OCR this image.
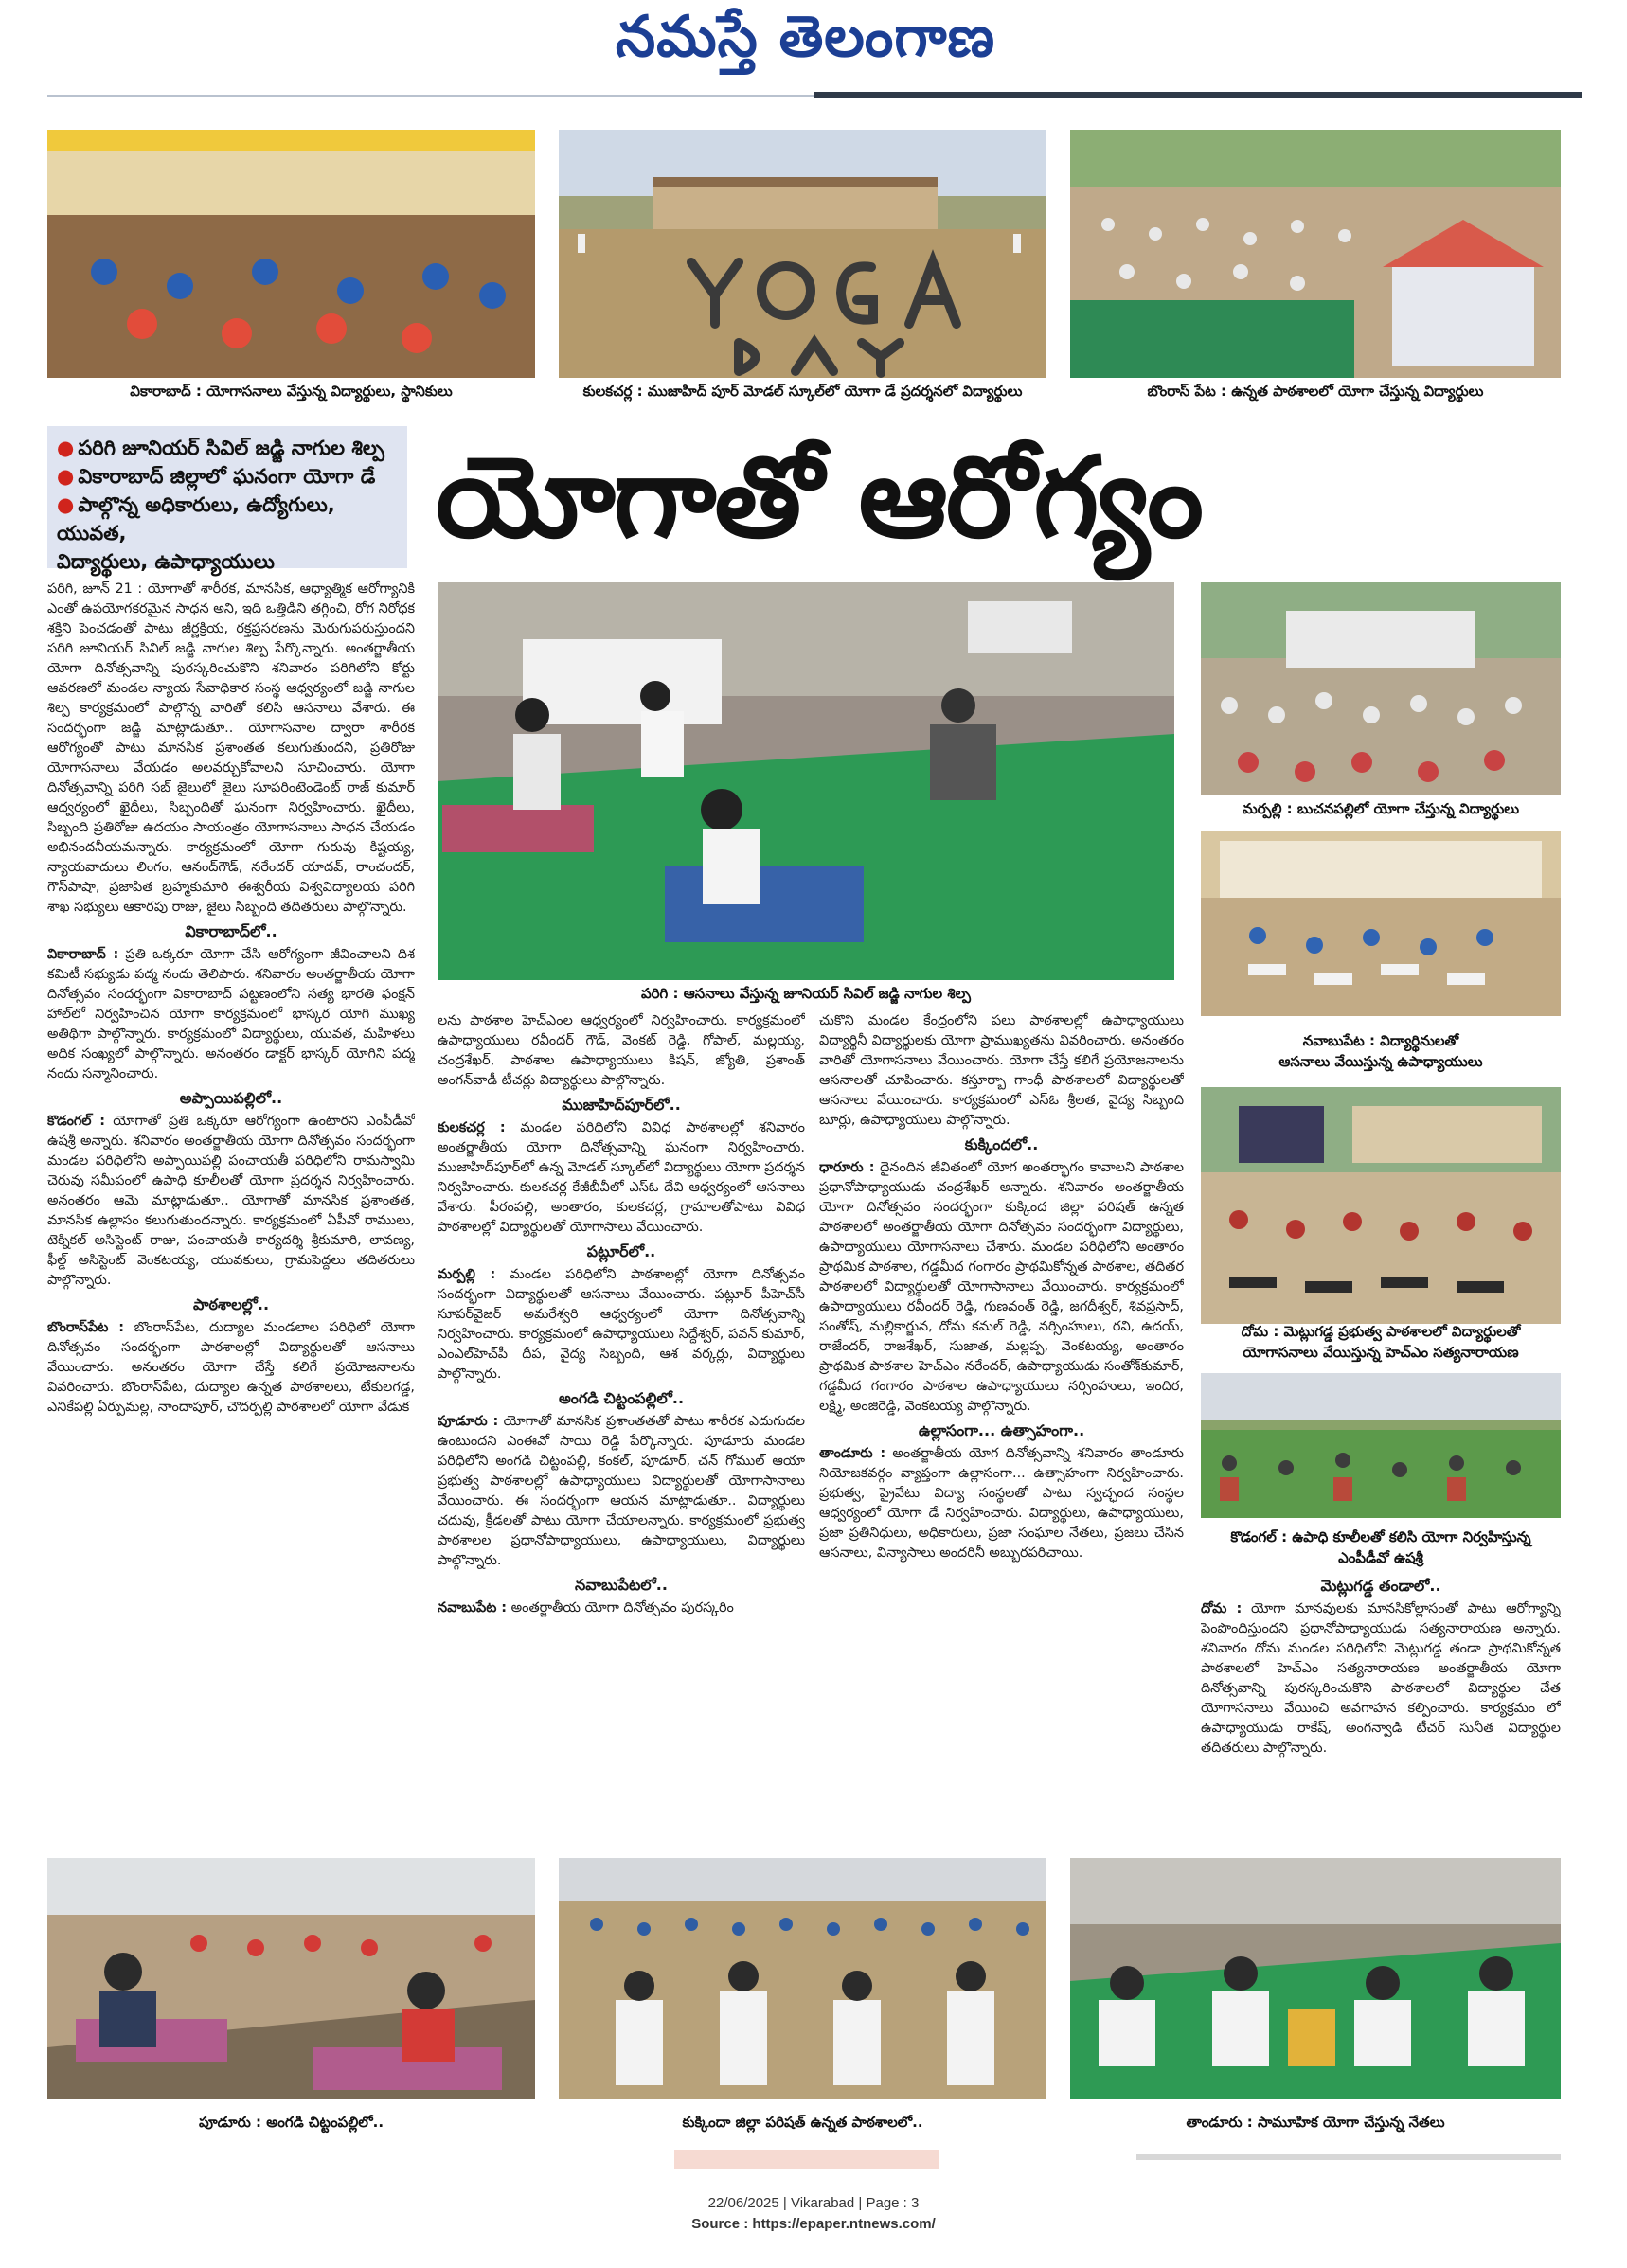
నమస్తే తెలంగాణ
వికారాబాద్ : యోగాసనాలు వేస్తున్న విద్యార్థులు, స్థానికులు	కులకచర్ల : ముజాహిద్ పూర్ మోడల్ స్కూల్‌లో యోగా డే ప్రదర్శనలో విద్యార్థులు	బొంరాస్ పేట : ఉన్నత పాఠశాలలో యోగా చేస్తున్న విద్యార్థులు
● పరిగి జూనియర్ సివిల్ జడ్జి నాగుల శిల్ప
● వికారాబాద్ జిల్లాలో ఘనంగా యోగా డే
● పాల్గొన్న అధికారులు, ఉద్యోగులు, యువత,
విద్యార్థులు, ఉపాధ్యాయులు	యోగాతో ఆరోగ్యం
పరిగి : ఆసనాలు వేస్తున్న జూనియర్ సివిల్ జడ్జి నాగుల శిల్ప
మర్పల్లి : బుచనపల్లిలో యోగా చేస్తున్న విద్యార్థులు
నవాబుపేట : విద్యార్థినులతో
ఆసనాలు వేయిస్తున్న ఉపాధ్యాయులు
దోమ : మెట్లుగడ్డ ప్రభుత్వ పాఠశాలలో విద్యార్థులతో
యోగాసనాలు వేయిస్తున్న హెచ్ఎం సత్యనారాయణ
కొడంగల్ : ఉపాధి కూలీలతో కలిసి యోగా నిర్వహిస్తున్న
ఎంపీడీవో ఉషశ్రీ

పరిగి, జూన్ 21 : యోగాతో శారీరక, మానసిక, ఆధ్యాత్మిక ఆరోగ్యానికి ఎంతో ఉపయోగకరమైన సాధన అని, ఇది ఒత్తిడిని తగ్గించి, రోగ నిరోధక శక్తిని పెంచడంతో పాటు జీర్ణక్రియ, రక్తప్రసరణను మెరుగుపరుస్తుందని పరిగి జూనియర్ సివిల్ జడ్జి నాగుల శిల్ప పేర్కొన్నారు. అంతర్జాతీయ యోగా దినోత్సవాన్ని పురస్కరించుకొని శనివారం పరిగిలోని కోర్టు ఆవరణలో మండల న్యాయ సేవాధికార సంస్థ ఆధ్వర్యంలో జడ్జి నాగుల శిల్ప కార్యక్రమంలో పాల్గొన్న వారితో కలిసి ఆసనాలు వేశారు. ఈ సందర్భంగా జడ్జి మాట్లాడుతూ.. యోగాసనాల ద్వారా శారీరక ఆరోగ్యంతో పాటు మానసిక ప్రశాంతత కలుగుతుందని, ప్రతిరోజు యోగాసనాలు వేయడం అలవర్చుకోవాలని సూచించారు. యోగా దినోత్సవాన్ని పరిగి సబ్ జైలులో జైలు సూపరింటెండెంట్ రాజ్ కుమార్ ఆధ్వర్యంలో ఖైదీలు, సిబ్బందితో ఘనంగా నిర్వహించారు. ఖైదీలు, సిబ్బంది ప్రతిరోజు ఉదయం సాయంత్రం యోగాసనాలు సాధన చేయడం అభినందనీయమన్నారు. కార్యక్రమంలో యోగా గురువు కిష్టయ్య, న్యాయవాదులు లింగం, ఆనంద్‌గౌడ్, నరేందర్ యాదవ్, రాంచందర్, గౌస్‌పాషా, ప్రజాపిత బ్రహ్మకుమారి ఈశ్వరీయ విశ్వవిద్యాలయ పరిగి శాఖ సభ్యులు ఆకారపు రాజు, జైలు సిబ్బంది తదితరులు పాల్గొన్నారు.

వికారాబాద్‌లో..

వికారాబాద్ : ప్రతి ఒక్కరూ యోగా చేసి ఆరోగ్యంగా జీవించాలని దిశ కమిటీ సభ్యుడు పద్మ నందు తెలిపారు. శనివారం అంతర్జాతీయ యోగా దినోత్సవం సందర్భంగా వికారాబాద్ పట్టణంలోని సత్య భారతి ఫంక్షన్ హాల్‌లో నిర్వహించిన యోగా కార్యక్రమంలో భాస్కర యోగి ముఖ్య అతిథిగా పాల్గొన్నారు. కార్యక్రమంలో విద్యార్థులు, యువత, మహిళలు అధిక సంఖ్యలో పాల్గొన్నారు. అనంతరం డాక్టర్ భాస్కర్ యోగిని పద్మ నందు సన్మానించారు.

అప్పాయిపల్లిలో..

కొడంగల్ : యోగాతో ప్రతి ఒక్కరూ ఆరోగ్యంగా ఉంటారని ఎంపీడీవో ఉషశ్రీ అన్నారు. శనివారం అంతర్జాతీయ యోగా దినోత్సవం సందర్భంగా మండల పరిధిలోని అప్పాయిపల్లి పంచాయతీ పరిధిలోని రామస్వామి చెరువు సమీపంలో ఉపాధి కూలీలతో యోగా ప్రదర్శన నిర్వహించారు. అనంతరం ఆమె మాట్లాడుతూ.. యోగాతో మానసిక ప్రశాంతత, మానసిక ఉల్లాసం కలుగుతుందన్నారు. కార్యక్రమంలో ఏపీవో రాములు, టెక్నికల్ అసిస్టెంట్ రాజు, పంచాయతీ కార్యదర్శి శ్రీకుమారి, లావణ్య, ఫీల్డ్ అసిస్టెంట్ వెంకటయ్య, యువకులు, గ్రామపెద్దలు తదితరులు పాల్గొన్నారు.

పాఠశాలల్లో..

బొంరాస్‌పేట : బొంరాస్‌పేట, దుద్యాల మండలాల పరిధిలో యోగా దినోత్సవం సందర్భంగా పాఠశాలల్లో విద్యార్థులతో ఆసనాలు వేయించారు. అనంతరం యోగా చేస్తే కలిగే ప్రయోజనాలను వివరించారు. బొంరాస్‌పేట, దుద్యాల ఉన్నత పాఠశాలలు, టేకులగడ్డ, ఎనికేపల్లి ఏర్పుమల్ల, నాందాపూర్, చౌదర్పల్లి పాఠశాలలో యోగా వేడుక

లను పాఠశాల హెచ్ఎంల ఆధ్వర్యంలో నిర్వహించారు. కార్యక్రమంలో ఉపాధ్యాయులు రవీందర్ గౌడ్, వెంకట్ రెడ్డి, గోపాల్, మల్లయ్య, చంద్రశేఖర్, పాఠశాల ఉపాధ్యాయులు కిషన్, జ్యోతి, ప్రశాంత్ అంగన్‌వాడీ టీచర్లు విద్యార్థులు పాల్గొన్నారు.

ముజాహిద్‌పూర్‌లో..

కులకచర్ల : మండల పరిధిలోని వివిధ పాఠశాలల్లో శనివారం అంతర్జాతీయ యోగా దినోత్సవాన్ని ఘనంగా నిర్వహించారు. ముజాహిద్‌పూర్‌లో ఉన్న మోడల్ స్కూల్‌లో విద్యార్థులు యోగా ప్రదర్శన నిర్వహించారు. కులకచర్ల కేజీబీవీలో ఎస్ఓ దేవి ఆధ్వర్యంలో ఆసనాలు వేశారు. పీరంపల్లి, అంతారం, కులకచర్ల, గ్రామాలతోపాటు వివిధ పాఠశాలల్లో విద్యార్థులతో యోగాసాలు వేయించారు.

పట్లూర్‌లో..

మర్పల్లి : మండల పరిధిలోని పాఠశాలల్లో యోగా దినోత్సవం సందర్భంగా విద్యార్థులతో ఆసనాలు వేయించారు. పట్లూర్ పీహెచ్‌సీ సూపర్‌వైజర్ అమరేశ్వరి ఆధ్వర్యంలో యోగా దినోత్సవాన్ని నిర్వహించారు. కార్యక్రమంలో ఉపాధ్యాయులు సిద్దేశ్వర్, పవన్ కుమార్, ఎంఎల్‌హెచ్‌పీ దీప, వైద్య సిబ్బంది, ఆశ వర్కర్లు, విద్యార్థులు పాల్గొన్నారు.

అంగడి చిట్టంపల్లిలో..

పూడూరు : యోగాతో మానసిక ప్రశాంతతతో పాటు శారీరక ఎదుగుదల ఉంటుందని ఎంఈవో సాయి రెడ్డి పేర్కొన్నారు. పూడూరు మండల పరిధిలోని అంగడి చిట్టంపల్లి, కంకల్, పూడూర్, చన్ గోముల్ ఆయా ప్రభుత్వ పాఠశాలల్లో ఉపాధ్యాయులు విద్యార్థులతో యోగాసానాలు వేయించారు. ఈ సందర్భంగా ఆయన మాట్లాడుతూ.. విద్యార్థులు చదువు, క్రీడలతో పాటు యోగా చేయాలన్నారు. కార్యక్రమంలో ప్రభుత్వ పాఠశాలల ప్రధానోపాధ్యాయులు, ఉపాధ్యాయులు, విద్యార్థులు పాల్గొన్నారు.

నవాబుపేటలో..

నవాబుపేట : అంతర్జాతీయ యోగా దినోత్సవం పురస్కరిం

చుకొని మండల కేంద్రంలోని పలు పాఠశాలల్లో ఉపాధ్యాయులు విద్యార్థినీ విద్యార్థులకు యోగా ప్రాముఖ్యతను వివరించారు. అనంతరం వారితో యోగాసనాలు వేయించారు. యోగా చేస్తే కలిగే ప్రయోజనాలను ఆసనాలతో చూపించారు. కస్తూర్బా గాంధీ పాఠశాలలో విద్యార్థులతో ఆసనాలు వేయించారు. కార్యక్రమంలో ఎస్ఓ శ్రీలత, వైద్య సిబ్బంది బూర్లు, ఉపాధ్యాయులు పాల్గొన్నారు.

కుక్కిందలో..

ధారూరు : దైనందిన జీవితంలో యోగ అంతర్భాగం కావాలని పాఠశాల ప్రధానోపాధ్యాయుడు చంద్రశేఖర్ అన్నారు. శనివారం అంతర్జాతీయ యోగా దినోత్సవం సందర్భంగా కుక్కింద జిల్లా పరిషత్ ఉన్నత పాఠశాలలో అంతర్జాతీయ యోగా దినోత్సవం సందర్భంగా విద్యార్థులు, ఉపాధ్యాయులు యోగాసనాలు చేశారు. మండల పరిధిలోని అంతారం ప్రాథమిక పాఠశాల, గడ్డమీద గంగారం ప్రాథమికోన్నత పాఠశాల, తదితర పాఠశాలలో విద్యార్థులతో యోగాసానాలు వేయించారు. కార్యక్రమంలో ఉపాధ్యాయులు రవీందర్ రెడ్డి, గుణవంత్ రెడ్డి, జగదీశ్వర్, శివప్రసాద్, సంతోష్, మల్లికార్జున, దోమ కమల్ రెడ్డి, నర్సింహులు, రవి, ఉదయ్, రాజేందర్, రాజశేఖర్, సుజాత, మల్లప్ప, వెంకటయ్య, అంతారం ప్రాథమిక పాఠశాల హెచ్ఎం నరేందర్, ఉపాధ్యాయుడు సంతోశ్‌కుమార్, గడ్డమీద గంగారం పాఠశాల ఉపాధ్యాయులు నర్సింహులు, ఇందిర, లక్ష్మి, అంజిరెడ్డి, వెంకటయ్య పాల్గొన్నారు.

ఉల్లాసంగా... ఉత్సాహంగా..

తాండూరు : అంతర్జాతీయ యోగ దినోత్సవాన్ని శనివారం తాండూరు నియోజకవర్గం వ్యాప్తంగా ఉల్లాసంగా... ఉత్సాహంగా నిర్వహించారు. ప్రభుత్వ, ప్రైవేటు విద్యా సంస్థలతో పాటు స్వచ్ఛంద సంస్థల ఆధ్వర్యంలో యోగా డే నిర్వహించారు. విద్యార్థులు, ఉపాధ్యాయులు, ప్రజా ప్రతినిధులు, అధికారులు, ప్రజా సంఘాల నేతలు, ప్రజలు చేసిన ఆసనాలు, విన్యాసాలు అందరినీ అబ్బురపరిచాయి.

మెట్లుగడ్డ తండాలో..

దోమ : యోగా మానవులకు మానసికోల్లాసంతో పాటు ఆరోగ్యాన్ని పెంపొందిస్తుందని ప్రధానోపాధ్యాయుడు సత్యనారాయణ అన్నారు. శనివారం దోమ మండల పరిధిలోని మెట్లుగడ్డ తండా ప్రాథమికోన్నత పాఠశాలలో హెచ్ఎం సత్యనారాయణ అంతర్జాతీయ యోగా దినోత్సవాన్ని పురస్కరించుకొని పాఠశాలలో విద్యార్థుల చేత యోగాసనాలు వేయించి అవగాహన కల్పించారు. కార్యక్రమం లో ఉపాధ్యాయుడు రాకేష్, అంగన్వాడి టీచర్ సునీత విద్యార్థుల తదితరులు పాల్గొన్నారు.

పూడూరు : అంగడి చిట్టంపల్లిలో..	కుక్కిందా జిల్లా పరిషత్ ఉన్నత పాఠశాలలో..	తాండూరు : సామూహిక యోగా చేస్తున్న నేతలు
22/06/2025 | Vikarabad | Page : 3
Source : https://epaper.ntnews.com/
